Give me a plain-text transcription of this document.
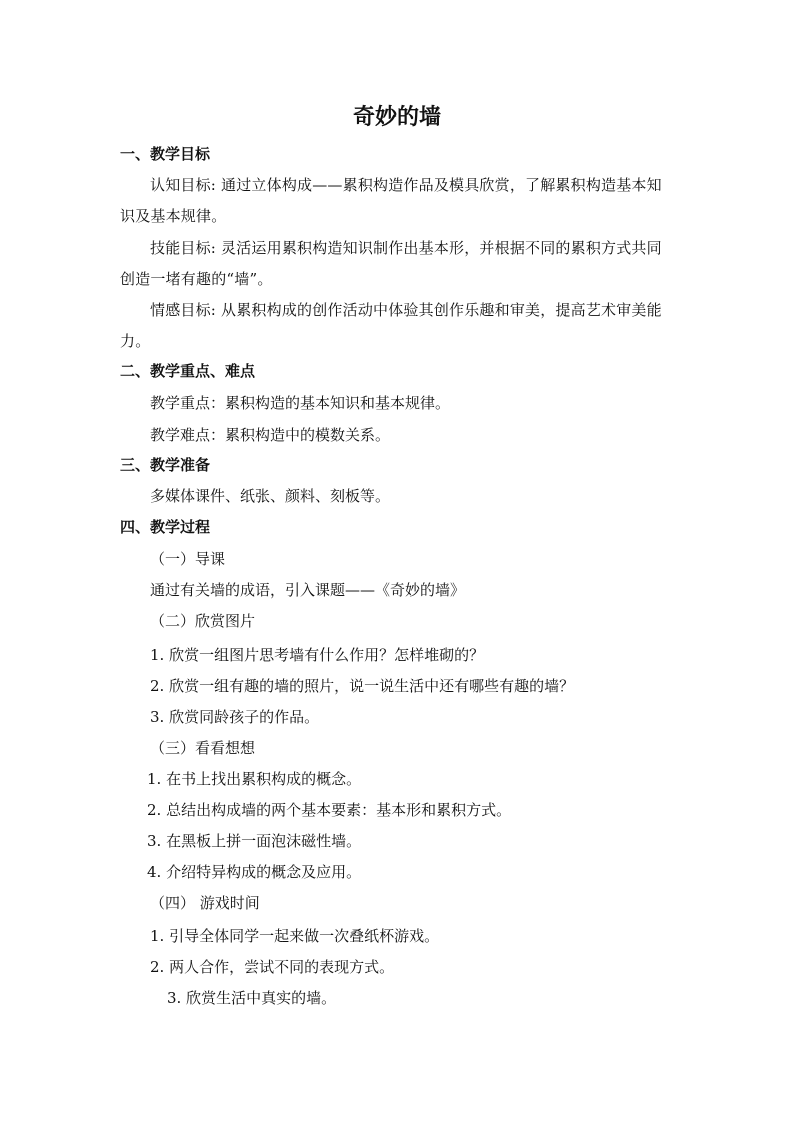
奇妙的墙
一、教学目标
认知目标: 通过立体构成——累积构造作品及模具欣赏，了解累积构造基本知识及基本规律。
技能目标: 灵活运用累积构造知识制作出基本形，并根据不同的累积方式共同创造一堵有趣的“墙”。
情感目标: 从累积构成的创作活动中体验其创作乐趣和审美，提高艺术审美能力。
二、教学重点、难点
教学重点：累积构造的基本知识和基本规律。
教学难点：累积构造中的模数关系。
三、教学准备
多媒体课件、纸张、颜料、刻板等。
四、教学过程
（一）导课
通过有关墙的成语，引入课题——《奇妙的墙》
（二）欣赏图片
1. 欣赏一组图片思考墙有什么作用？怎样堆砌的？
2. 欣赏一组有趣的墙的照片，说一说生活中还有哪些有趣的墙？
3. 欣赏同龄孩子的作品。
（三）看看想想
1. 在书上找出累积构成的概念。
2. 总结出构成墙的两个基本要素：基本形和累积方式。
3. 在黑板上拼一面泡沫磁性墙。
4. 介绍特异构成的概念及应用。
（四） 游戏时间
1. 引导全体同学一起来做一次叠纸杯游戏。
2. 两人合作，尝试不同的表现方式。
3. 欣赏生活中真实的墙。
